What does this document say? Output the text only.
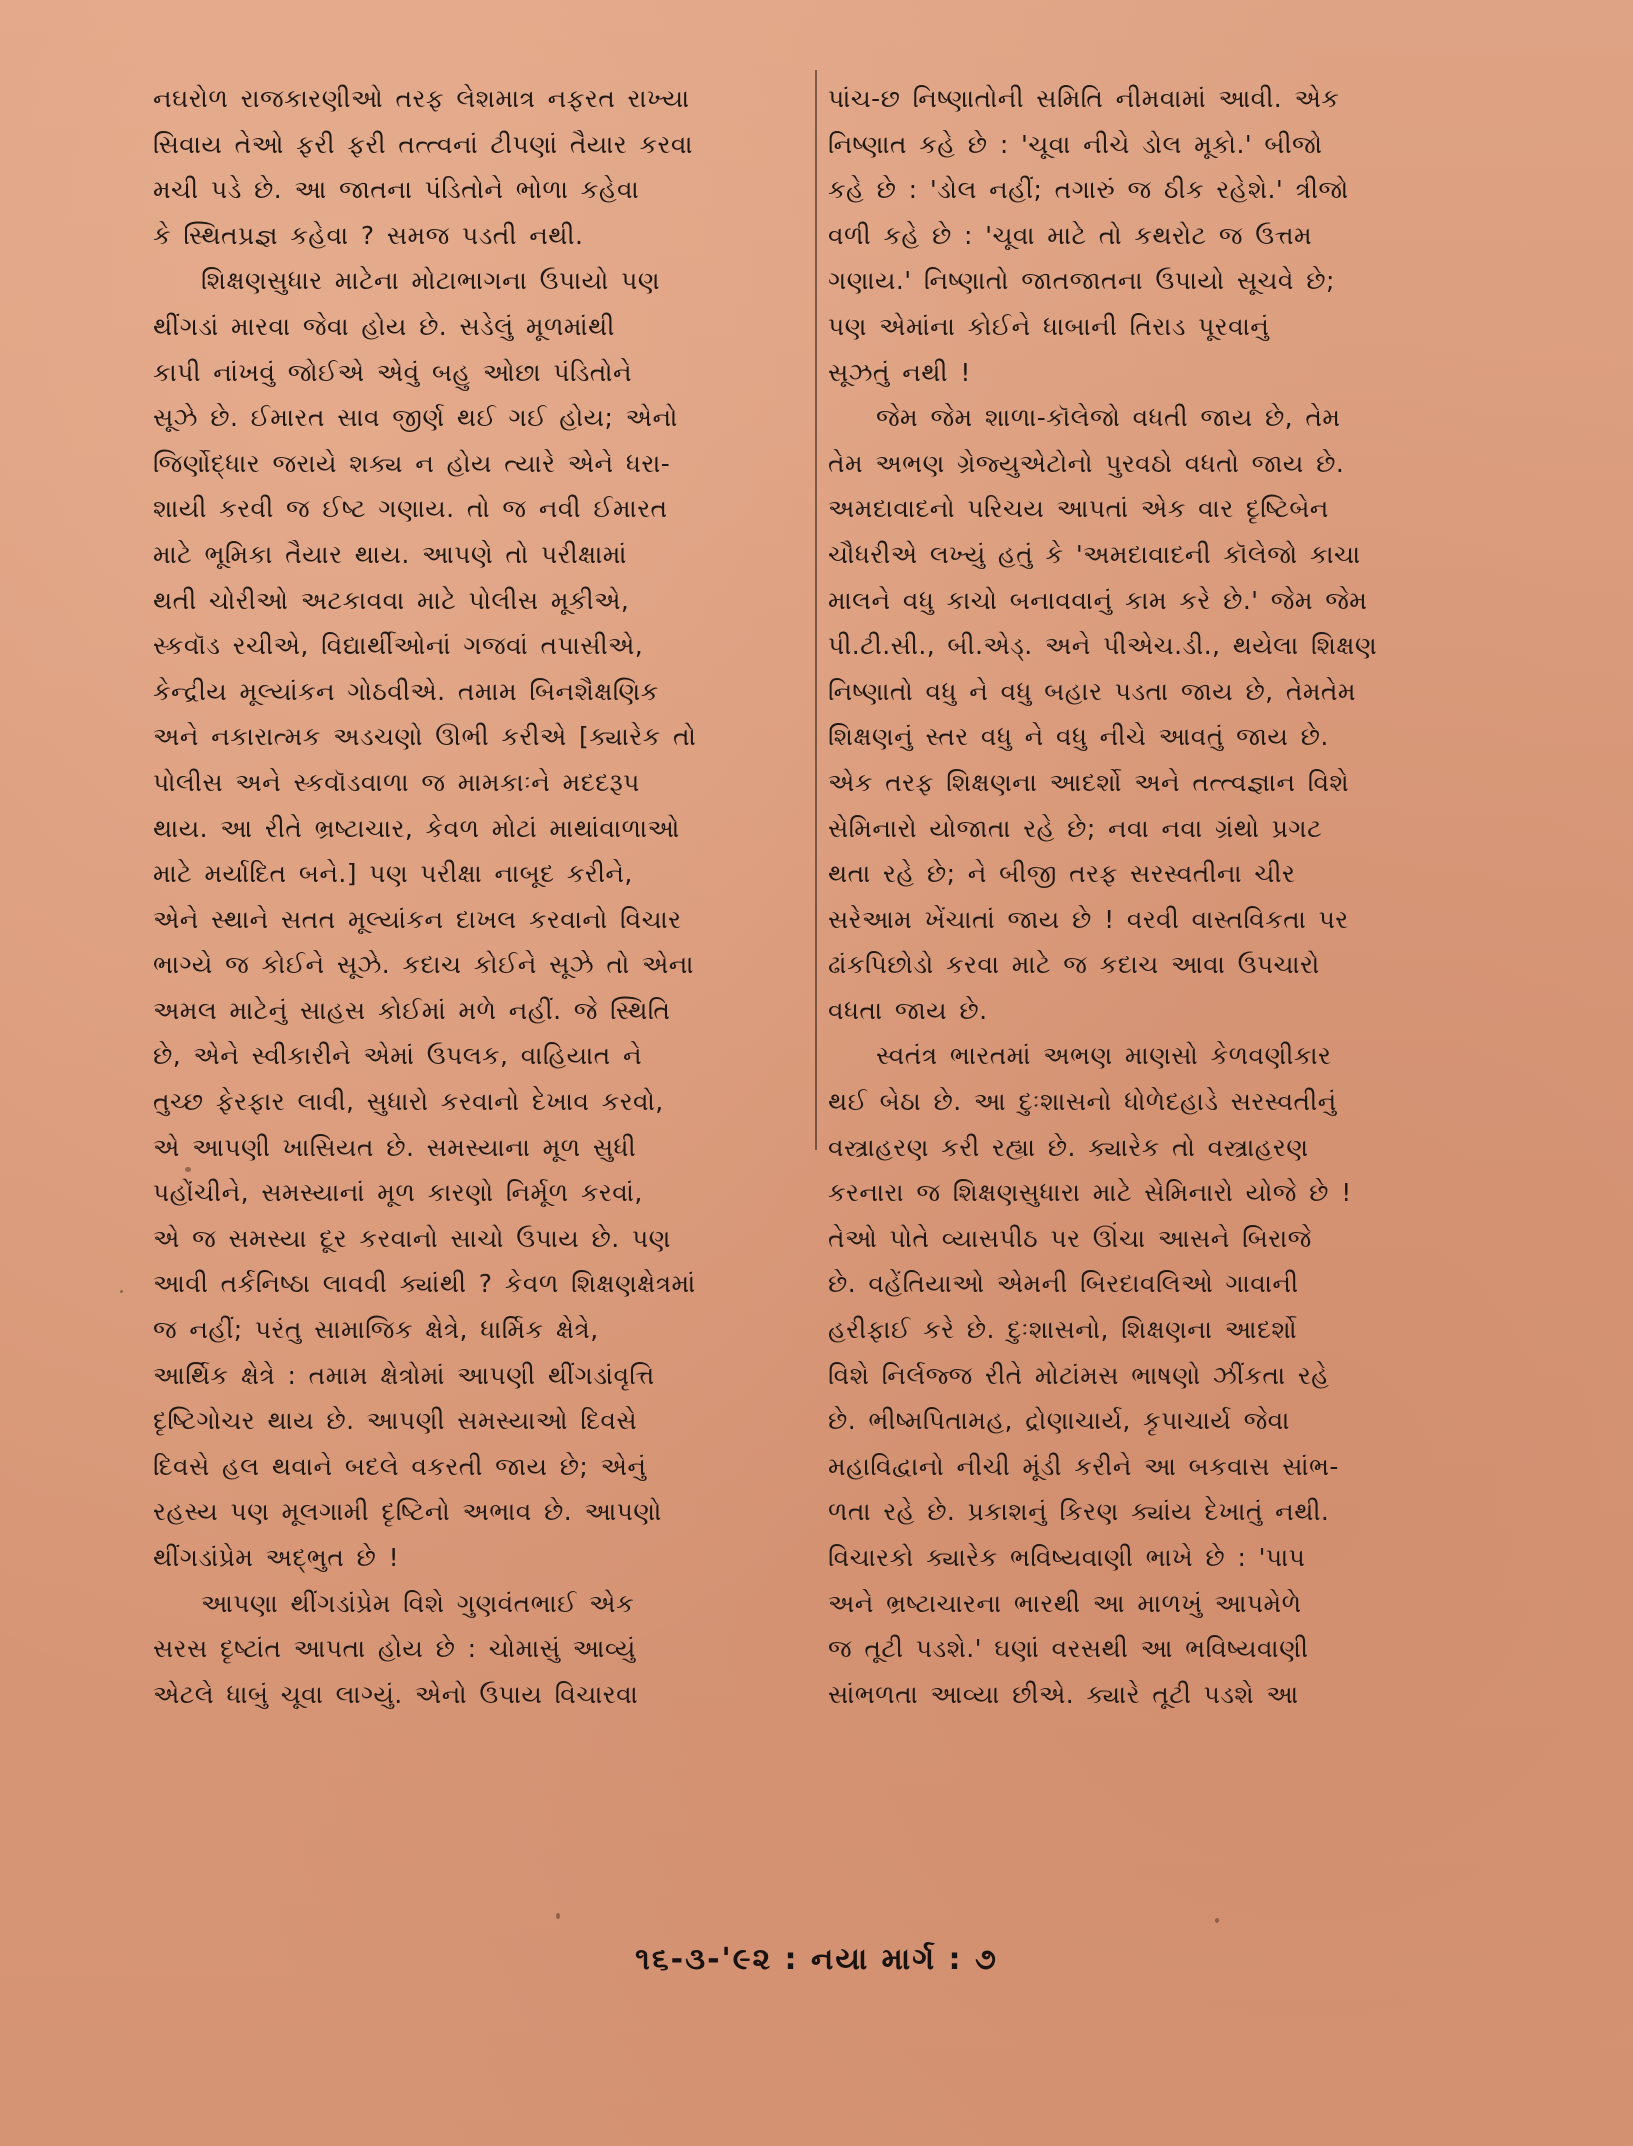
નઘરોળ રાજકારણીઓ તરફ લેશમાત્ર નફરત રાખ્યા
સિવાય તેઓ ફરી ફરી તત્ત્વનાં ટીપણાં તૈયાર કરવા
મચી પડે છે. આ જાતના પંડિતોને ભોળા કહેવા
કે સ્થિતપ્રજ્ઞ કહેવા ? સમજ પડતી નથી.
શિક્ષણસુધાર માટેના મોટાભાગના ઉપાયો પણ
થીંગડાં મારવા જેવા હોય છે. સડેલું મૂળમાંથી
કાપી નાંખવું જોઈએ એવું બહુ ઓછા પંડિતોને
સૂઝે છે. ઈમારત સાવ જીર્ણ થઈ ગઈ હોય; એનો
જિર્ણોદ્ધાર જરાયે શક્ય ન હોય ત્યારે એને ધરા-
શાયી કરવી જ ઈષ્ટ ગણાય. તો જ નવી ઈમારત
માટે ભૂમિકા તૈયાર થાય. આપણે તો પરીક્ષામાં
થતી ચોરીઓ અટકાવવા માટે પોલીસ મૂકીએ,
સ્કવૉડ રચીએ, વિદ્યાર્થીઓનાં ગજવાં તપાસીએ,
કેન્દ્રીય મૂલ્યાંકન ગોઠવીએ. તમામ બિનશૈક્ષણિક
અને નકારાત્મક અડચણો ઊભી કરીએ [ક્યારેક તો
પોલીસ અને સ્કવૉડવાળા જ મામકાઃને મદદરૂપ
થાય. આ રીતે ભ્રષ્ટાચાર, કેવળ મોટાં માથાંવાળાઓ
માટે મર્યાદિત બને.] પણ પરીક્ષા નાબૂદ કરીને,
એને સ્થાને સતત મૂલ્યાંકન દાખલ કરવાનો વિચાર
ભાગ્યે જ કોઈને સૂઝે. કદાચ કોઈને સૂઝે તો એના
અમલ માટેનું સાહસ કોઈમાં મળે નહીં. જે સ્થિતિ
છે, એને સ્વીકારીને એમાં ઉપલક, વાહિયાત ને
તુચ્છ ફેરફાર લાવી, સુધારો કરવાનો દેખાવ કરવો,
એ આપણી ખાસિયત છે. સમસ્યાના મૂળ સુધી
પહોંચીને, સમસ્યાનાં મૂળ કારણો નિર્મૂળ કરવાં,
એ જ સમસ્યા દૂર કરવાનો સાચો ઉપાય છે. પણ
આવી તર્કનિષ્ઠા લાવવી ક્યાંથી ? કેવળ શિક્ષણક્ષેત્રમાં
જ નહીં; પરંતુ સામાજિક ક્ષેત્રે, ધાર્મિક ક્ષેત્રે,
આર્થિક ક્ષેત્રે : તમામ ક્ષેત્રોમાં આપણી થીંગડાંવૃત્તિ
દૃષ્ટિગોચર થાય છે. આપણી સમસ્યાઓ દિવસે
દિવસે હલ થવાને બદલે વકરતી જાય છે; એનું
રહસ્ય પણ મૂલગામી દૃષ્ટિનો અભાવ છે. આપણો
થીંગડાંપ્રેમ અદ્ભુત છે !
આપણા થીંગડાંપ્રેમ વિશે ગુણવંતભાઈ એક
સરસ દૃષ્ટાંત આપતા હોય છે : ચોમાસું આવ્યું
એટલે ધાબું ચૂવા લાગ્યું. એનો ઉપાય વિચારવા
પાંચ-છ નિષ્ણાતોની સમિતિ નીમવામાં આવી. એક
નિષ્ણાત કહે છે : 'ચૂવા નીચે ડોલ મૂકો.' બીજો
કહે છે : 'ડોલ નહીં; તગારું જ ઠીક રહેશે.' ત્રીજો
વળી કહે છે : 'ચૂવા માટે તો કથરોટ જ ઉત્તમ
ગણાય.' નિષ્ણાતો જાતજાતના ઉપાયો સૂચવે છે;
પણ એમાંના કોઈને ધાબાની તિરાડ પૂરવાનું
સૂઝતું નથી !
જેમ જેમ શાળા-કૉલેજો વધતી જાય છે, તેમ
તેમ અભણ ગ્રેજ્યુએટોનો પુરવઠો વધતો જાય છે.
અમદાવાદનો પરિચય આપતાં એક વાર દૃષ્ટિબેન
ચૌધરીએ લખ્યું હતું કે 'અમદાવાદની કૉલેજો કાચા
માલને વધુ કાચો બનાવવાનું કામ કરે છે.' જેમ જેમ
પી.ટી.સી., બી.એડ્. અને પીએચ.ડી., થયેલા શિક્ષણ
નિષ્ણાતો વધુ ને વધુ બહાર પડતા જાય છે, તેમતેમ
શિક્ષણનું સ્તર વધુ ને વધુ નીચે આવતું જાય છે.
એક તરફ શિક્ષણના આદર્શો અને તત્ત્વજ્ઞાન વિશે
સેમિનારો યોજાતા રહે છે; નવા નવા ગ્રંથો પ્રગટ
થતા રહે છે; ને બીજી તરફ સરસ્વતીના ચીર
સરેઆમ ખેંચાતાં જાય છે ! વરવી વાસ્તવિકતા પર
ઢાંકપિછોડો કરવા માટે જ કદાચ આવા ઉપચારો
વધતા જાય છે.
સ્વતંત્ર ભારતમાં અભણ માણસો કેળવણીકાર
થઈ બેઠા છે. આ દુઃશાસનો ધોળેદહાડે સરસ્વતીનું
વસ્ત્રાહરણ કરી રહ્યા છે. ક્યારેક તો વસ્ત્રાહરણ
કરનારા જ શિક્ષણસુધારા માટે સેમિનારો યોજે છે !
તેઓ પોતે વ્યાસપીઠ પર ઊંચા આસને બિરાજે
છે. વહેંતિયાઓ એમની બિરદાવલિઓ ગાવાની
હરીફાઈ કરે છે. દુઃશાસનો, શિક્ષણના આદર્શો
વિશે નિર્લજ્જ રીતે મોટાંમસ ભાષણો ઝીંકતા રહે
છે. ભીષ્મપિતામહ, દ્રોણાચાર્ય, કૃપાચાર્ય જેવા
મહાવિદ્વાનો નીચી મૂંડી કરીને આ બકવાસ સાંભ-
ળતા રહે છે. પ્રકાશનું કિરણ ક્યાંય દેખાતું નથી.
વિચારકો ક્યારેક ભવિષ્યવાણી ભાખે છે : 'પાપ
અને ભ્રષ્ટાચારના ભારથી આ માળખું આપમેળે
જ તૂટી પડશે.' ઘણાં વરસથી આ ભવિષ્યવાણી
સાંભળતા આવ્યા છીએ. ક્યારે તૂટી પડશે આ
૧૬-૩-'૯૨ : નયા માર્ગ : ૭
